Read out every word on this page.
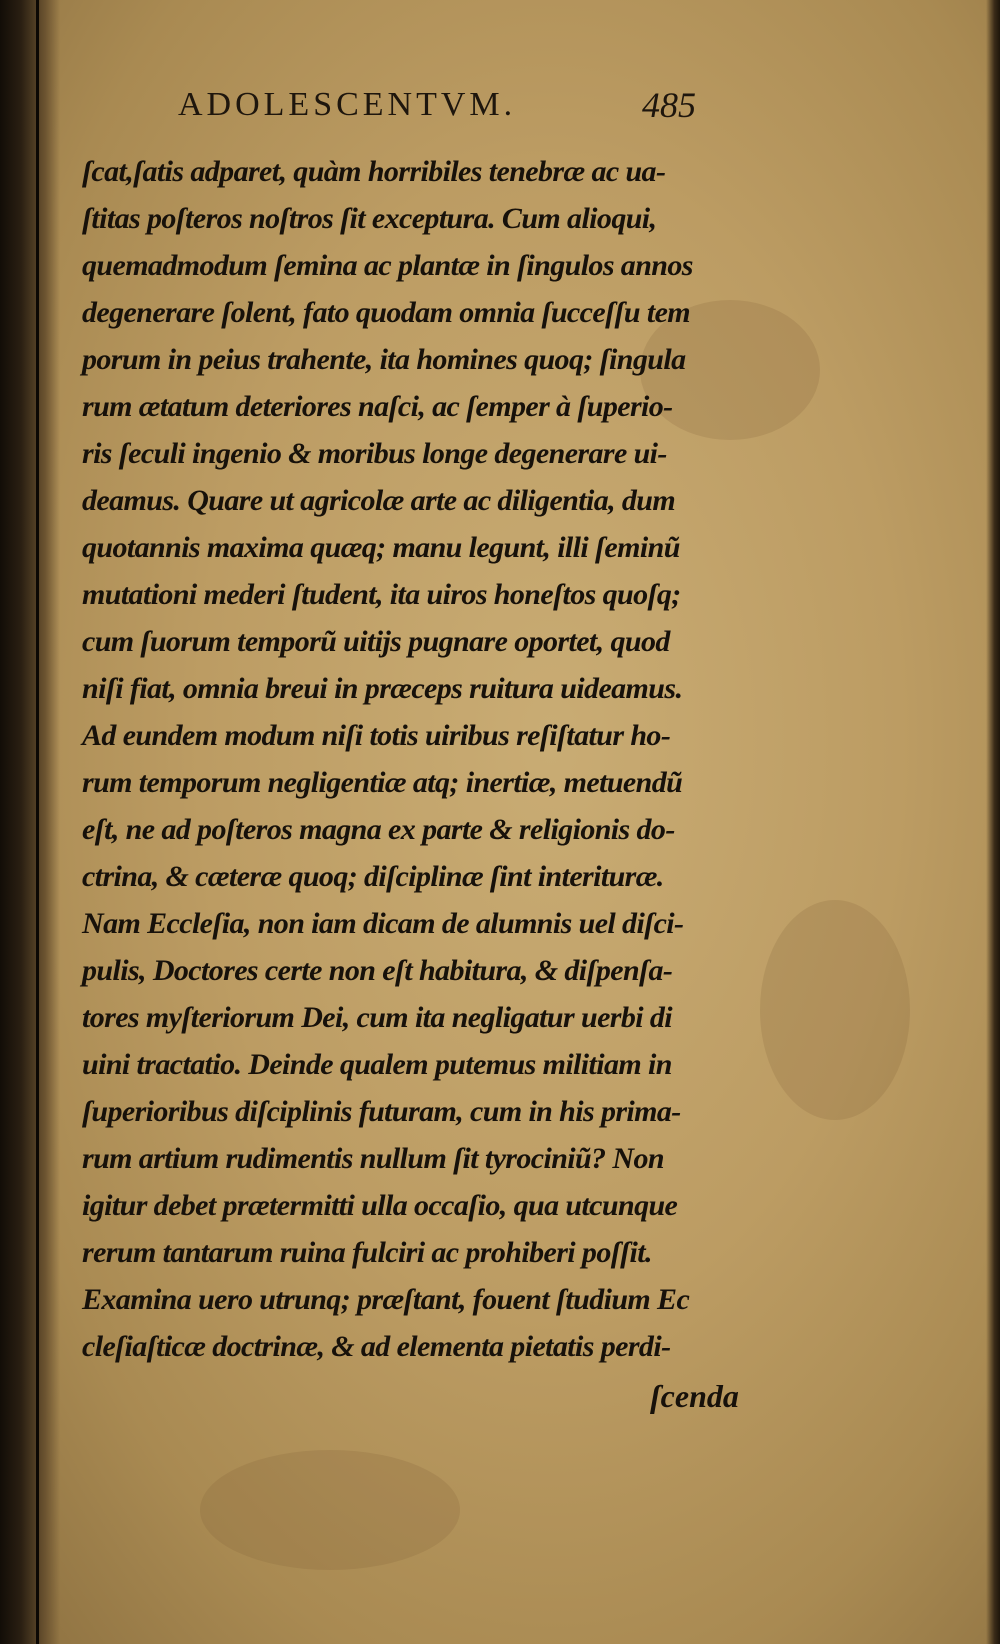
ADOLESCENTVM.	485
ſcat,ſatis adparet, quàm horribiles tenebræ ac ua-
ſtitas poſteros noſtros ſit exceptura. Cum alioqui,
quemadmodum ſemina ac plantæ in ſingulos annos
degenerare ſolent, fato quodam omnia ſucceſſu tem
porum in peius trahente, ita homines quoq; ſingula
rum ætatum deteriores naſci, ac ſemper à ſuperio-
ris ſeculi ingenio & moribus longe degenerare ui-
deamus. Quare ut agricolæ arte ac diligentia, dum
quotannis maxima quæq; manu legunt, illi ſeminũ
mutationi mederi ſtudent, ita uiros honeſtos quoſq;
cum ſuorum temporũ uitijs pugnare oportet, quod
niſi fiat, omnia breui in præceps ruitura uideamus.
Ad eundem modum niſi totis uiribus reſiſtatur ho-
rum temporum negligentiæ atq; inertiæ, metuendũ
eſt, ne ad poſteros magna ex parte & religionis do-
ctrina, & cæteræ quoq; diſciplinæ ſint interituræ.
Nam Eccleſia, non iam dicam de alumnis uel diſci-
pulis, Doctores certe non eſt habitura, & diſpenſa-
tores myſteriorum Dei, cum ita negligatur uerbi di
uini tractatio. Deinde qualem putemus militiam in
ſuperioribus diſciplinis futuram, cum in his prima-
rum artium rudimentis nullum ſit tyrociniũ? Non
igitur debet prætermitti ulla occaſio, qua utcunque
rerum tantarum ruina fulciri ac prohiberi poſſit.
Examina uero utrunq; præſtant, fouent ſtudium Ec
cleſiaſticæ doctrinæ, & ad elementa pietatis perdi-
ſcenda
